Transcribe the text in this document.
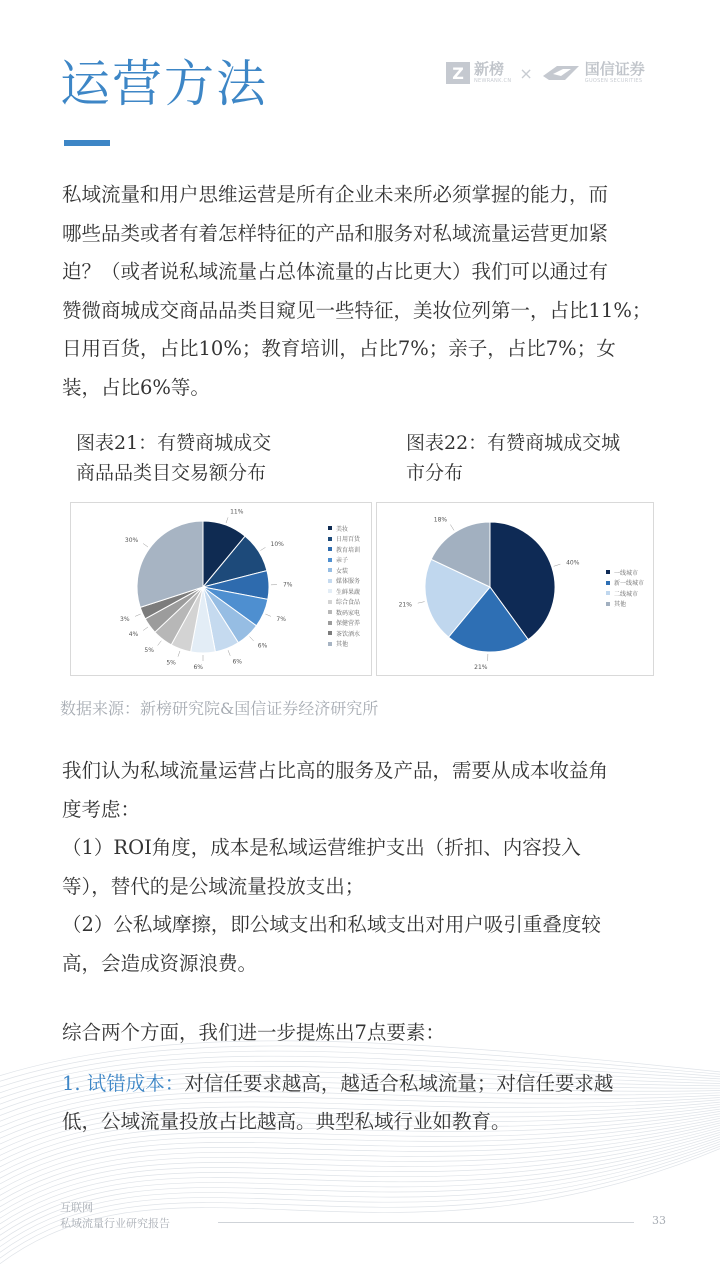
运营方法	Z 新榜
NEWRANK.CN ×	国信证券
GUOSEN SECURITIES
私域流量和用户思维运营是所有企业未来所必须掌握的能力，而
哪些品类或者有着怎样特征的产品和服务对私域流量运营更加紧
迫？（或者说私域流量占总体流量的占比更大）我们可以通过有
赞微商城成交商品品类目窥见一些特征，美妆位列第一，占比11%；
日用百货，占比10%；教育培训，占比7%；亲子，占比7%；女
装，占比6%等。
图表21：有赞商城成交
商品品类目交易额分布
图表22：有赞商城成交城
市分布
11%
10%
7%
7%
6%
6%
6%
5%
5%
4%
3%
30%
美妆
日用百货
教育培训
亲子
女装
媒体服务
生鲜果蔬
综合食品
数码家电
保健营养
茶饮酒水
其他
40%
21%
21%
18%
一线城市
新一线城市
二线城市
其他
数据来源：新榜研究院&国信证券经济研究所
我们认为私域流量运营占比高的服务及产品，需要从成本收益角
度考虑：
（1）ROI角度，成本是私域运营维护支出（折扣、内容投入
等），替代的是公域流量投放支出；
（2）公私域摩擦，即公域支出和私域支出对用户吸引重叠度较
高，会造成资源浪费。
综合两个方面，我们进一步提炼出7点要素：
1. 试错成本：对信任要求越高，越适合私域流量；对信任要求越
低，公域流量投放占比越高。典型私域行业如教育。
互联网
私域流量行业研究报告	33
